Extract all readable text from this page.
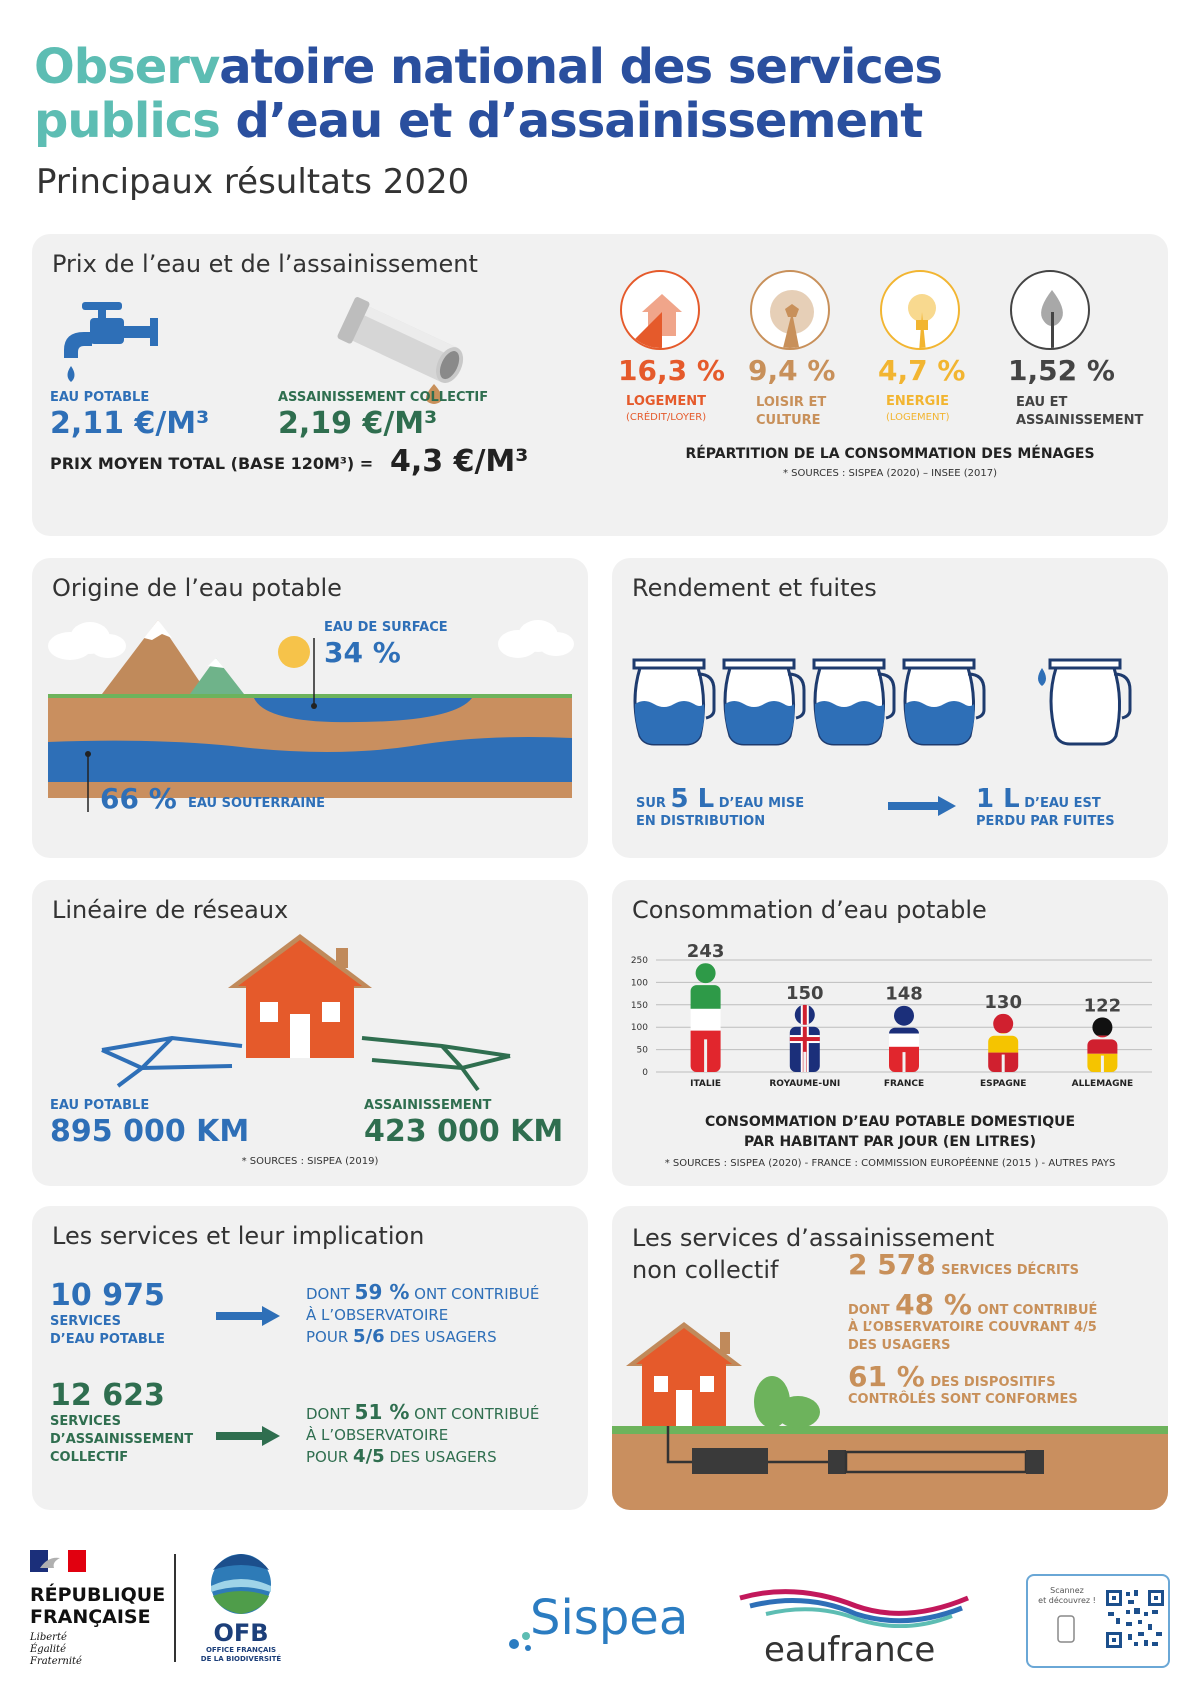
Observatoire national des services
publics d’eau et d’assainissement
Principaux résultats 2020
Prix de l’eau et de l’assainissement
EAU POTABLE
2,11 €/M³
ASSAINISSEMENT COLLECTIF
2,19 €/M³
PRIX MOYEN TOTAL (BASE 120M³) = 4,3 €/M³
16,3 %
LOGEMENT
(CRÉDIT/LOYER)
9,4 %
LOISIR ET CULTURE
4,7 %
ENERGIE
(LOGEMENT)
1,52 %
EAU ET ASSAINISSEMENT
RÉPARTITION DE LA CONSOMMATION DES MÉNAGES
* SOURCES : SISPEA (2020) – INSEE (2017)
Origine de l’eau potable
EAU DE SURFACE
34 %
66 % EAU SOUTERRAINE
Rendement et fuites
SUR 5 L D’EAU MISE
EN DISTRIBUTION
1 L D’EAU EST
PERDU PAR FUITES
Linéaire de réseaux
EAU POTABLE
895 000 KM
ASSAINISSEMENT
423 000 KM
* SOURCES : SISPEA (2019)
Consommation d’eau potable
250
100
150
100
50
0
243
ITALIE
150
ROYAUME-UNI
148
FRANCE
130
ESPAGNE
122
ALLEMAGNE
CONSOMMATION D’EAU POTABLE DOMESTIQUE
PAR HABITANT PAR JOUR (EN LITRES)
* SOURCES : SISPEA (2020) - FRANCE : COMMISSION EUROPÉENNE (2015 ) - AUTRES PAYS
Les services et leur implication
10 975
SERVICES
D’EAU POTABLE
DONT 59 % ONT CONTRIBUÉ
À L’OBSERVATOIRE
POUR 5/6 DES USAGERS
12 623
SERVICES
D’ASSAINISSEMENT
COLLECTIF
DONT 51 % ONT CONTRIBUÉ
À L’OBSERVATOIRE
POUR 4/5 DES USAGERS
Les services d’assainissement
non collectif	2 578 SERVICES DÉCRITS
DONT 48 % ONT CONTRIBUÉ
À L’OBSERVATOIRE COUVRANT 4/5
DES USAGERS
61 % DES DISPOSITIFS
CONTRÔLÉS SONT CONFORMES
RÉPUBLIQUE
FRANÇAISE
Liberté
Égalité
Fraternité
OFB
OFFICE FRANÇAIS
DE LA BIODIVERSITÉ
Sispea
eaufrance
Scannez
et découvrez !
